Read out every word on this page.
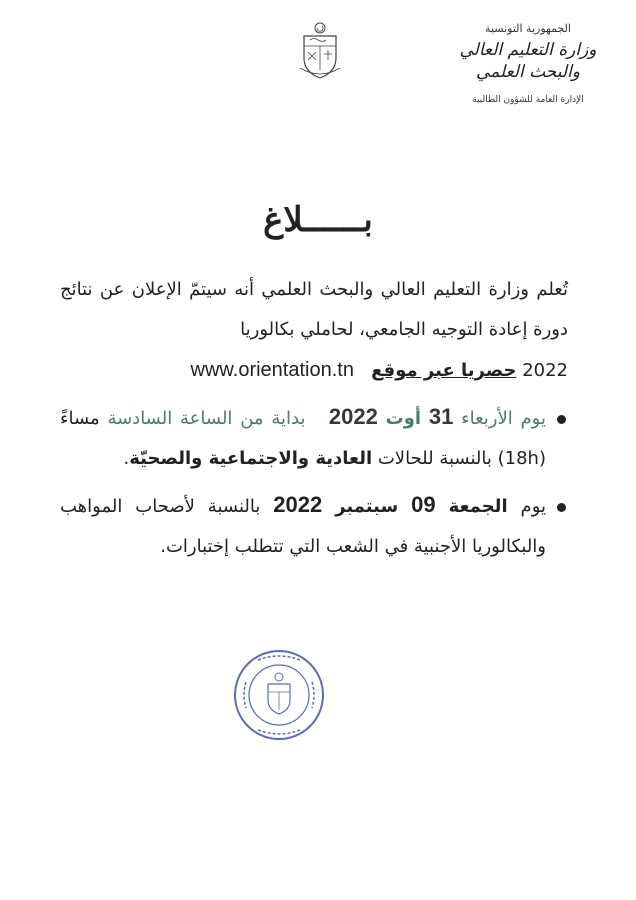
الجمهورية التونسية
وزارة التعليم العالي
والبحث العلمي
الإدارة العامة للشؤون الطالبية
بــــــلاغ

تُعلم وزارة التعليم العالي والبحث العلمي أنه سيتمّ الإعلان عن نتائج دورة إعادة التوجيه الجامعي، لحاملي بكالوريا

2022 حصريا عبر موقع   www.orientation.tn

يوم الأربعاء 31 أوت 2022   بداية من الساعة السادسة مساءً (18h) بالنسبة للحالات العادية والاجتماعية والصحيّة.
يوم الجمعة 09 سبتمبر 2022 بالنسبة لأصحاب المواهب والبكالوريا الأجنبية في الشعب التي تتطلب إختبارات.
